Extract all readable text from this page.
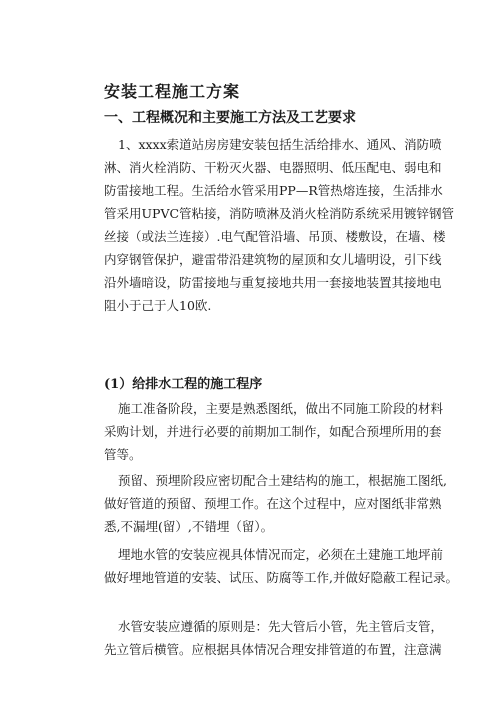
安装工程施工方案
一、工程概况和主要施工方法及工艺要求
1、xxxx索道站房房建安装包括生活给排水、通风、消防喷
淋、消火栓消防、干粉灭火器、电器照明、低压配电、弱电和
防雷接地工程。生活给水管采用PP—R管热熔连接，生活排水
管采用UPVC管粘接，消防喷淋及消火栓消防系统采用镀锌钢管
丝接（或法兰连接）.电气配管沿墙、吊顶、楼敷设，在墙、楼
内穿钢管保护，避雷带沿建筑物的屋顶和女儿墙明设，引下线
沿外墙暗设，防雷接地与重复接地共用一套接地装置其接地电
阻小于己于人10欧.
(1）给排水工程的施工程序
施工准备阶段，主要是熟悉图纸，做出不同施工阶段的材料
采购计划，并进行必要的前期加工制作，如配合预埋所用的套
管等。
预留、预埋阶段应密切配合土建结构的施工，根据施工图纸,
做好管道的预留、预埋工作。在这个过程中，应对图纸非常熟
悉,不漏埋(留）,不错埋（留）。
埋地水管的安装应视具体情况而定，必须在土建施工地坪前
做好埋地管道的安装、试压、防腐等工作,并做好隐蔽工程记录。
水管安装应遵循的原则是：先大管后小管，先主管后支管，
先立管后横管。应根据具体情况合理安排管道的布置，注意满
